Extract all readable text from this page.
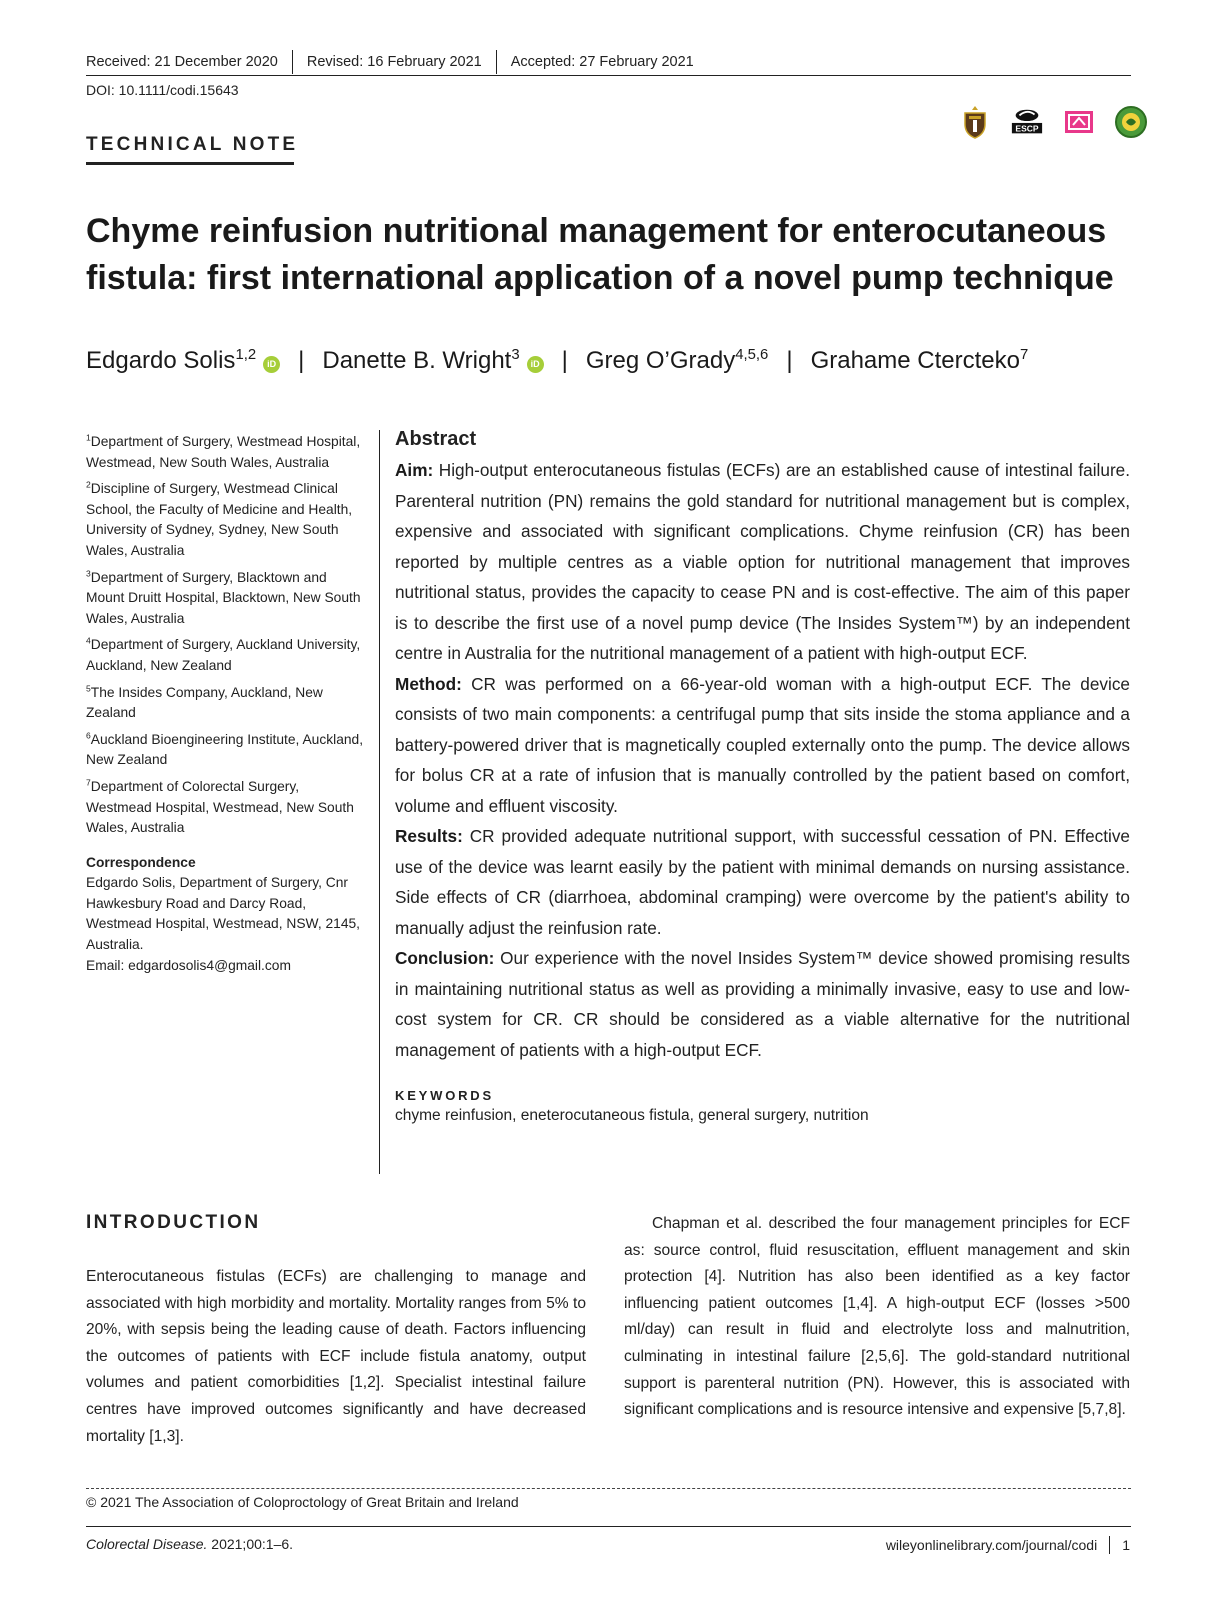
Received: 21 December 2020 Revised: 16 February 2021 Accepted: 27 February 2021
DOI: 10.1111/codi.15643
TECHNICAL NOTE
ESCP
Chyme reinfusion nutritional management for enterocutaneous fistula: first international application of a novel pump technique
Edgardo Solis$^{1,2}$iD | Danette B. Wright$^3$iD | Greg O’Grady$^{4,5,6}$ | Grahame Ctercteko$^7$

$^1$Department of Surgery, Westmead Hospital, Westmead, New South Wales, Australia

$^2$Discipline of Surgery, Westmead Clinical School, the Faculty of Medicine and Health, University of Sydney, Sydney, New South Wales, Australia

$^3$Department of Surgery, Blacktown and Mount Druitt Hospital, Blacktown, New South Wales, Australia

$^4$Department of Surgery, Auckland University, Auckland, New Zealand

$^5$The Insides Company, Auckland, New Zealand

$^6$Auckland Bioengineering Institute, Auckland, New Zealand

$^7$Department of Colorectal Surgery, Westmead Hospital, Westmead, New South Wales, Australia

Correspondence
Edgardo Solis, Department of Surgery, Cnr Hawkesbury Road and Darcy Road, Westmead Hospital, Westmead, NSW, 2145, Australia.
Email: edgardosolis4@gmail.com
Abstract

Aim: High-output enterocutaneous fistulas (ECFs) are an established cause of intestinal failure. Parenteral nutrition (PN) remains the gold standard for nutritional management but is complex, expensive and associated with significant complications. Chyme reinfusion (CR) has been reported by multiple centres as a viable option for nutritional management that improves nutritional status, provides the capacity to cease PN and is cost-effective. The aim of this paper is to describe the first use of a novel pump device (The Insides System™) by an independent centre in Australia for the nutritional management of a patient with high-output ECF.

Method: CR was performed on a 66-year-old woman with a high-output ECF. The device consists of two main components: a centrifugal pump that sits inside the stoma appliance and a battery-powered driver that is magnetically coupled externally onto the pump. The device allows for bolus CR at a rate of infusion that is manually controlled by the patient based on comfort, volume and effluent viscosity.

Results: CR provided adequate nutritional support, with successful cessation of PN. Effective use of the device was learnt easily by the patient with minimal demands on nursing assistance. Side effects of CR (diarrhoea, abdominal cramping) were overcome by the patient's ability to manually adjust the reinfusion rate.

Conclusion: Our experience with the novel Insides System™ device showed promising results in maintaining nutritional status as well as providing a minimally invasive, easy to use and low-cost system for CR. CR should be considered as a viable alternative for the nutritional management of patients with a high-output ECF.

KEYWORDS

chyme reinfusion, eneterocutaneous fistula, general surgery, nutrition

INTRODUCTION

Enterocutaneous fistulas (ECFs) are challenging to manage and associated with high morbidity and mortality. Mortality ranges from 5% to 20%, with sepsis being the leading cause of death. Factors influencing the outcomes of patients with ECF include fistula anatomy, output volumes and patient comorbidities [1,2]. Specialist intestinal failure centres have improved outcomes significantly and have decreased mortality [1,3].

Chapman et al. described the four management principles for ECF as: source control, fluid resuscitation, effluent management and skin protection [4]. Nutrition has also been identified as a key factor influencing patient outcomes [1,4]. A high-output ECF (losses >500 ml/day) can result in fluid and electrolyte loss and malnutrition, culminating in intestinal failure [2,5,6]. The gold-standard nutritional support is parenteral nutrition (PN). However, this is associated with significant complications and is resource intensive and expensive [5,7,8].

© 2021 The Association of Coloproctology of Great Britain and Ireland
Colorectal Disease. 2021;00:1–6.	wileyonlinelibrary.com/journal/codi 1
